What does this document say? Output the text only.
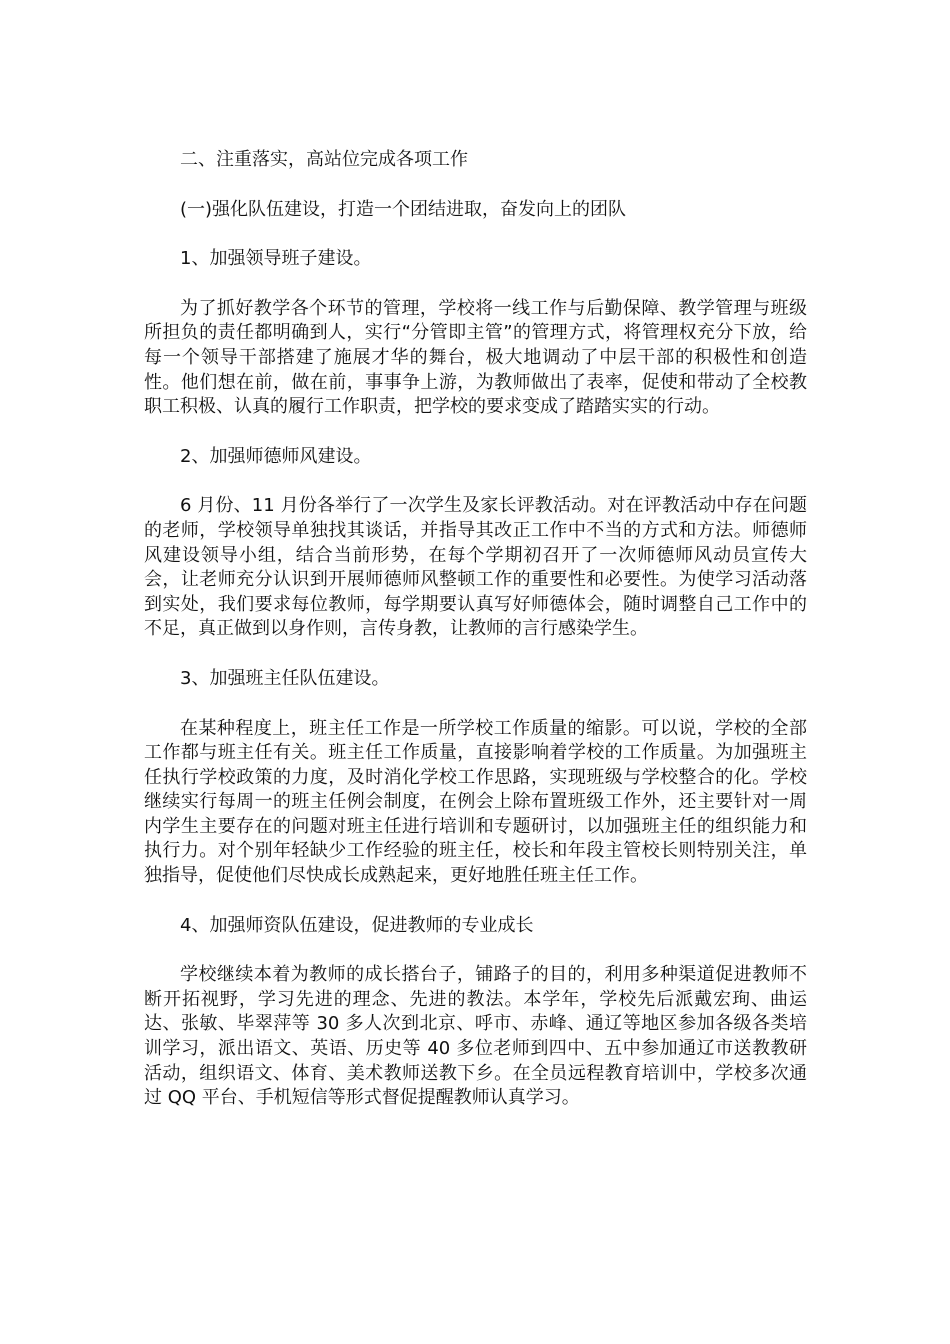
二、注重落实，高站位完成各项工作

(一)强化队伍建设，打造一个团结进取，奋发向上的团队

1、加强领导班子建设。

为了抓好教学各个环节的管理，学校将一线工作与后勤保障、教学管理与班级所担负的责任都明确到人，实行“分管即主管”的管理方式，将管理权充分下放，给每一个领导干部搭建了施展才华的舞台，极大地调动了中层干部的积极性和创造性。他们想在前，做在前，事事争上游，为教师做出了表率，促使和带动了全校教职工积极、认真的履行工作职责，把学校的要求变成了踏踏实实的行动。

2、加强师德师风建设。

6 月份、11 月份各举行了一次学生及家长评教活动。对在评教活动中存在问题的老师，学校领导单独找其谈话，并指导其改正工作中不当的方式和方法。师德师风建设领导小组，结合当前形势，在每个学期初召开了一次师德师风动员宣传大会，让老师充分认识到开展师德师风整顿工作的重要性和必要性。为使学习活动落到实处，我们要求每位教师，每学期要认真写好师德体会，随时调整自己工作中的不足，真正做到以身作则，言传身教，让教师的言行感染学生。

3、加强班主任队伍建设。

在某种程度上，班主任工作是一所学校工作质量的缩影。可以说，学校的全部工作都与班主任有关。班主任工作质量，直接影响着学校的工作质量。为加强班主任执行学校政策的力度，及时消化学校工作思路，实现班级与学校整合的化。学校继续实行每周一的班主任例会制度，在例会上除布置班级工作外，还主要针对一周内学生主要存在的问题对班主任进行培训和专题研讨，以加强班主任的组织能力和执行力。对个别年轻缺少工作经验的班主任，校长和年段主管校长则特别关注，单独指导，促使他们尽快成长成熟起来，更好地胜任班主任工作。

4、加强师资队伍建设，促进教师的专业成长

学校继续本着为教师的成长搭台子，铺路子的目的，利用多种渠道促进教师不断开拓视野，学习先进的理念、先进的教法。本学年，学校先后派戴宏珣、曲运达、张敏、毕翠萍等 30 多人次到北京、呼市、赤峰、通辽等地区参加各级各类培训学习，派出语文、英语、历史等 40 多位老师到四中、五中参加通辽市送教教研活动，组织语文、体育、美术教师送教下乡。在全员远程教育培训中，学校多次通过 QQ 平台、手机短信等形式督促提醒教师认真学习。
